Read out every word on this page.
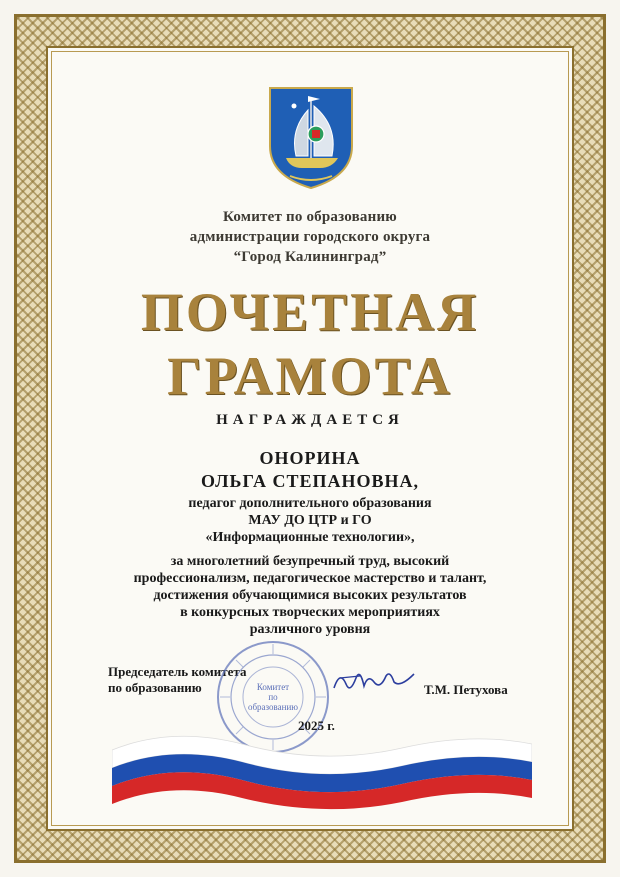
Комитет по образованию
администрации городского округа
“Город Калининград”
ПОЧЕТНАЯ
ГРАМОТА
НАГРАЖДАЕТСЯ
ОНОРИНА
ОЛЬГА СТЕПАНОВНА,
педагог дополнительного образования
МАУ ДО ЦТР и ГО
«Информационные технологии»,
за многолетний безупречный труд, высокий
профессионализм, педагогическое мастерство и талант,
достижения обучающимися высоких результатов
в конкурсных творческих мероприятиях
различного уровня
Председатель комитета
по образованию	Т.М. Петухова
Комитет
по
образованию
2025 г.
